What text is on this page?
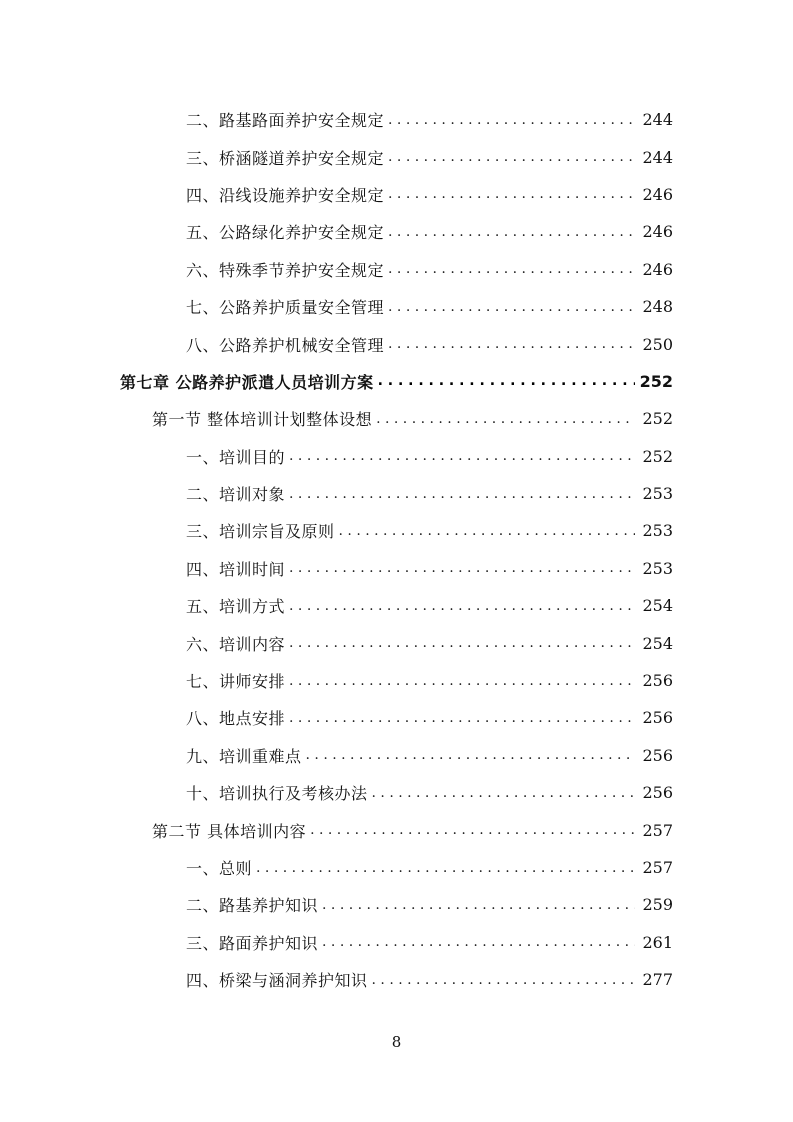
二、路基路面养护安全规定 . . .	244
三、桥涵隧道养护安全规定 . . .	244
四、沿线设施养护安全规定 . . .	246
五、公路绿化养护安全规定 . . .	246
六、特殊季节养护安全规定 . . .	246
七、公路养护质量安全管理 . . .	248
八、公路养护机械安全管理 . . .	250
第七章 公路养护派遣人员培训方案 . . .	252
第一节 整体培训计划整体设想 . . .	252
一、培训目的 . . .	252
二、培训对象 . . .	253
三、培训宗旨及原则 . . .	253
四、培训时间 . . .	253
五、培训方式 . . .	254
六、培训内容 . . .	254
七、讲师安排 . . .	256
八、地点安排 . . .	256
九、培训重难点 . . .	256
十、培训执行及考核办法 . . .	256
第二节 具体培训内容 . . .	257
一、总则 . . .	257
二、路基养护知识 . . .	259
三、路面养护知识 . . .	261
四、桥梁与涵洞养护知识 . . .	277
8
